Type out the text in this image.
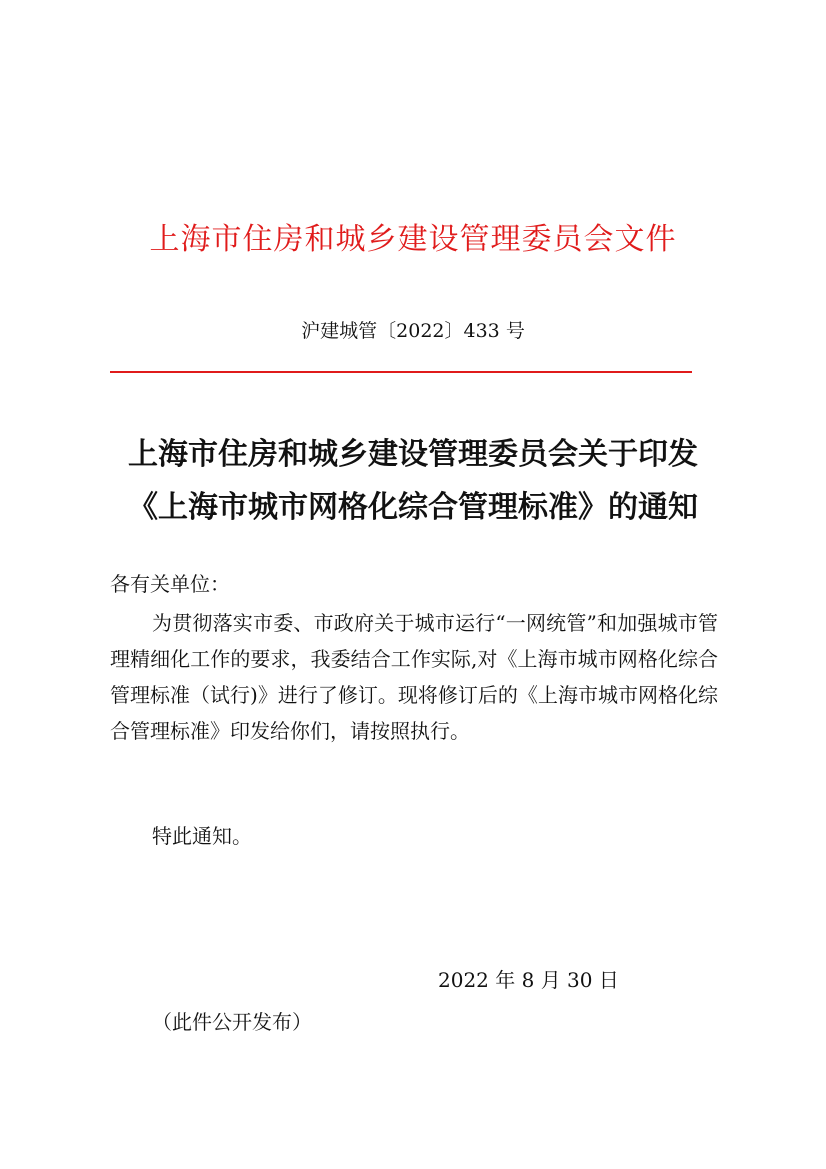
上海市住房和城乡建设管理委员会文件
沪建城管〔2022〕433 号
上海市住房和城乡建设管理委员会关于印发
《上海市城市网格化综合管理标准》的通知
各有关单位：
为贯彻落实市委、市政府关于城市运行“一网统管”和加强城市管理精细化工作的要求，我委结合工作实际,对《上海市城市网格化综合管理标准（试行)》进行了修订。现将修订后的《上海市城市网格化综合管理标准》印发给你们，请按照执行。
特此通知。
2022 年 8 月 30 日
（此件公开发布）
